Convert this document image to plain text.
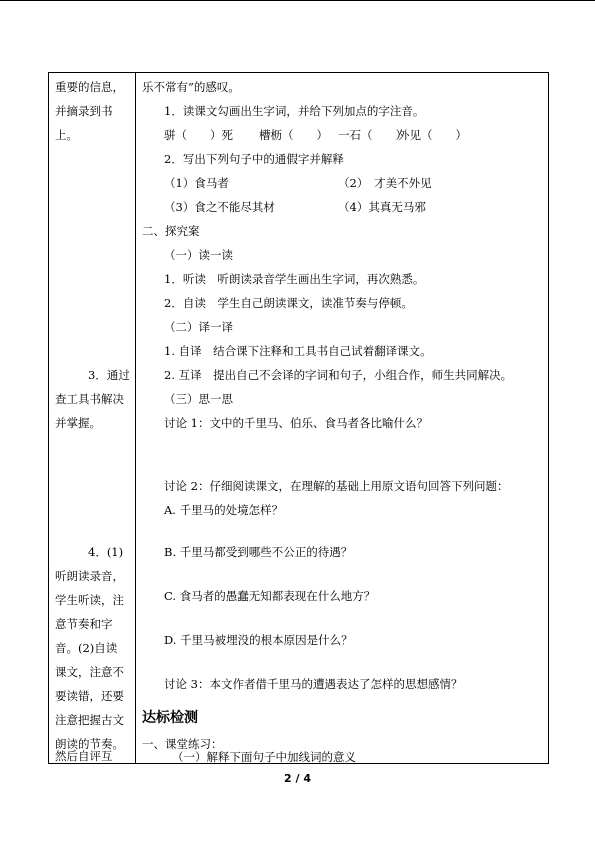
重要的信息，
并摘录到书
上。
3．通过
查工具书解决
并掌握。
4．(1)
听朗读录音，
学生听读，注
意节奏和字
音。(2)自读
课文，注意不
要读错，还要
注意把握古文
朗读的节奏。
然后自评互
乐不常有”的感叹。
1．读课文勾画出生字词，并给下列加点的字注音。
骈（　　）死 槽枥（　　） 一石（　　）
外见（　　）
2．写出下列句子中的通假字并解释
（1）食马者	（2）　才美不外见
（3）食之不能尽其材	（4）其真无马邪
二、探究案
（一）读一读
1．听读　听朗读录音学生画出生字词，再次熟悉。
2．自读　学生自己朗读课文，读准节奏与停顿。
（二）译一译
1. 自译　结合课下注释和工具书自己试着翻译课文。
2. 互译　提出自己不会译的字词和句子，小组合作，师生共同解决。
（三）思一思
讨论 1：文中的千里马、伯乐、食马者各比喻什么？
讨论 2：仔细阅读课文，在理解的基础上用原文语句回答下列问题：
A. 千里马的处境怎样？
B. 千里马都受到哪些不公正的待遇？
C. 食马者的愚蠢无知都表现在什么地方？
D. 千里马被埋没的根本原因是什么？
讨论 3：本文作者借千里马的遭遇表达了怎样的思想感情？
达标检测
一、课堂练习：
（一）解释下面句子中加线词的意义
2 / 4
